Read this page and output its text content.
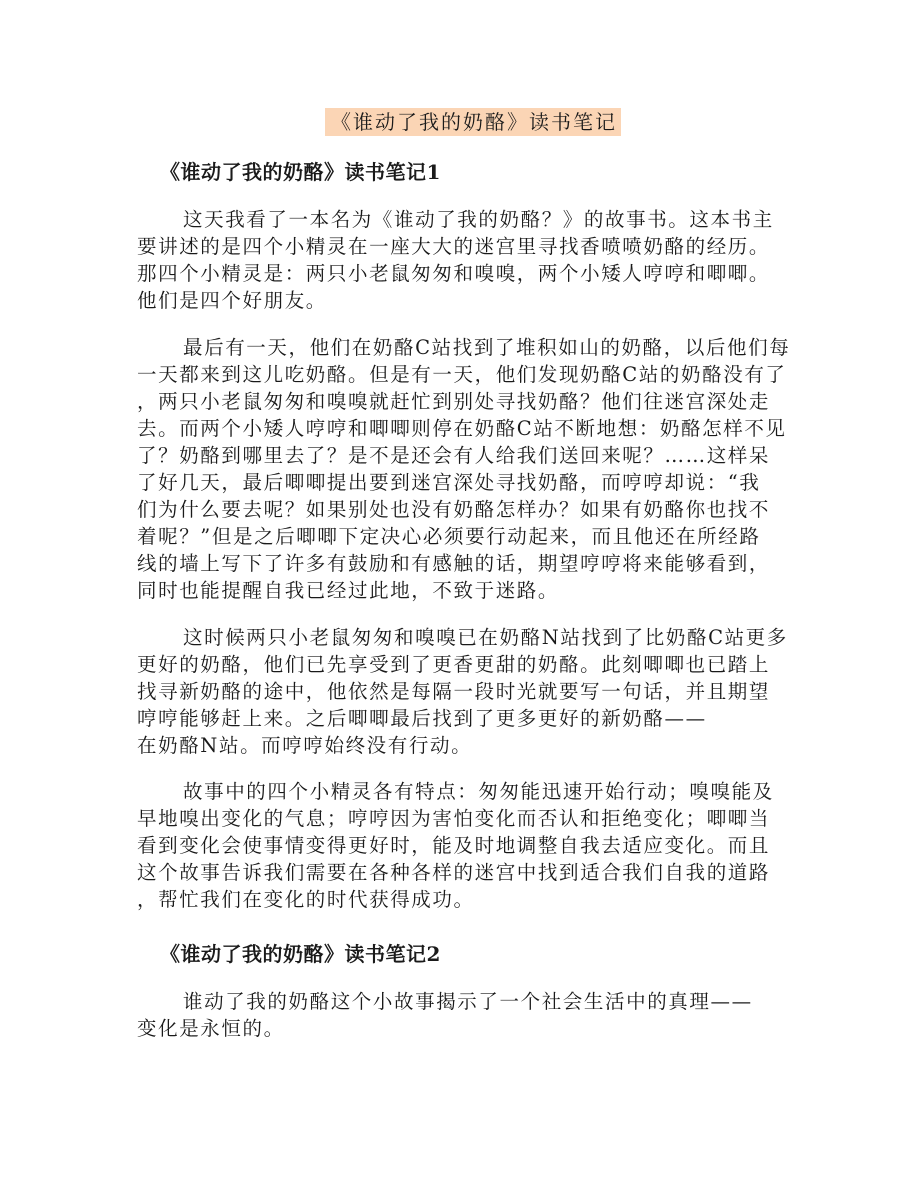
《谁动了我的奶酪》读书笔记
《谁动了我的奶酪》读书笔记1
这天我看了一本名为《谁动了我的奶酪？》的故事书。这本书主
要讲述的是四个小精灵在一座大大的迷宫里寻找香喷喷奶酪的经历。
那四个小精灵是：两只小老鼠匆匆和嗅嗅，两个小矮人哼哼和唧唧。
他们是四个好朋友。
最后有一天，他们在奶酪C站找到了堆积如山的奶酪，以后他们每
一天都来到这儿吃奶酪。但是有一天，他们发现奶酪C站的奶酪没有了
，两只小老鼠匆匆和嗅嗅就赶忙到别处寻找奶酪？他们往迷宫深处走
去。而两个小矮人哼哼和唧唧则停在奶酪C站不断地想：奶酪怎样不见
了？奶酪到哪里去了？是不是还会有人给我们送回来呢？……这样呆
了好几天，最后唧唧提出要到迷宫深处寻找奶酪，而哼哼却说：“我
们为什么要去呢？如果别处也没有奶酪怎样办？如果有奶酪你也找不
着呢？”但是之后唧唧下定决心必须要行动起来，而且他还在所经路
线的墙上写下了许多有鼓励和有感触的话，期望哼哼将来能够看到，
同时也能提醒自我已经过此地，不致于迷路。
这时候两只小老鼠匆匆和嗅嗅已在奶酪N站找到了比奶酪C站更多
更好的奶酪，他们已先享受到了更香更甜的奶酪。此刻唧唧也已踏上
找寻新奶酪的途中，他依然是每隔一段时光就要写一句话，并且期望
哼哼能够赶上来。之后唧唧最后找到了更多更好的新奶酪——
在奶酪N站。而哼哼始终没有行动。
故事中的四个小精灵各有特点：匆匆能迅速开始行动；嗅嗅能及
早地嗅出变化的气息；哼哼因为害怕变化而否认和拒绝变化；唧唧当
看到变化会使事情变得更好时，能及时地调整自我去适应变化。而且
这个故事告诉我们需要在各种各样的迷宫中找到适合我们自我的道路
，帮忙我们在变化的时代获得成功。
《谁动了我的奶酪》读书笔记2
谁动了我的奶酪这个小故事揭示了一个社会生活中的真理——
变化是永恒的。
